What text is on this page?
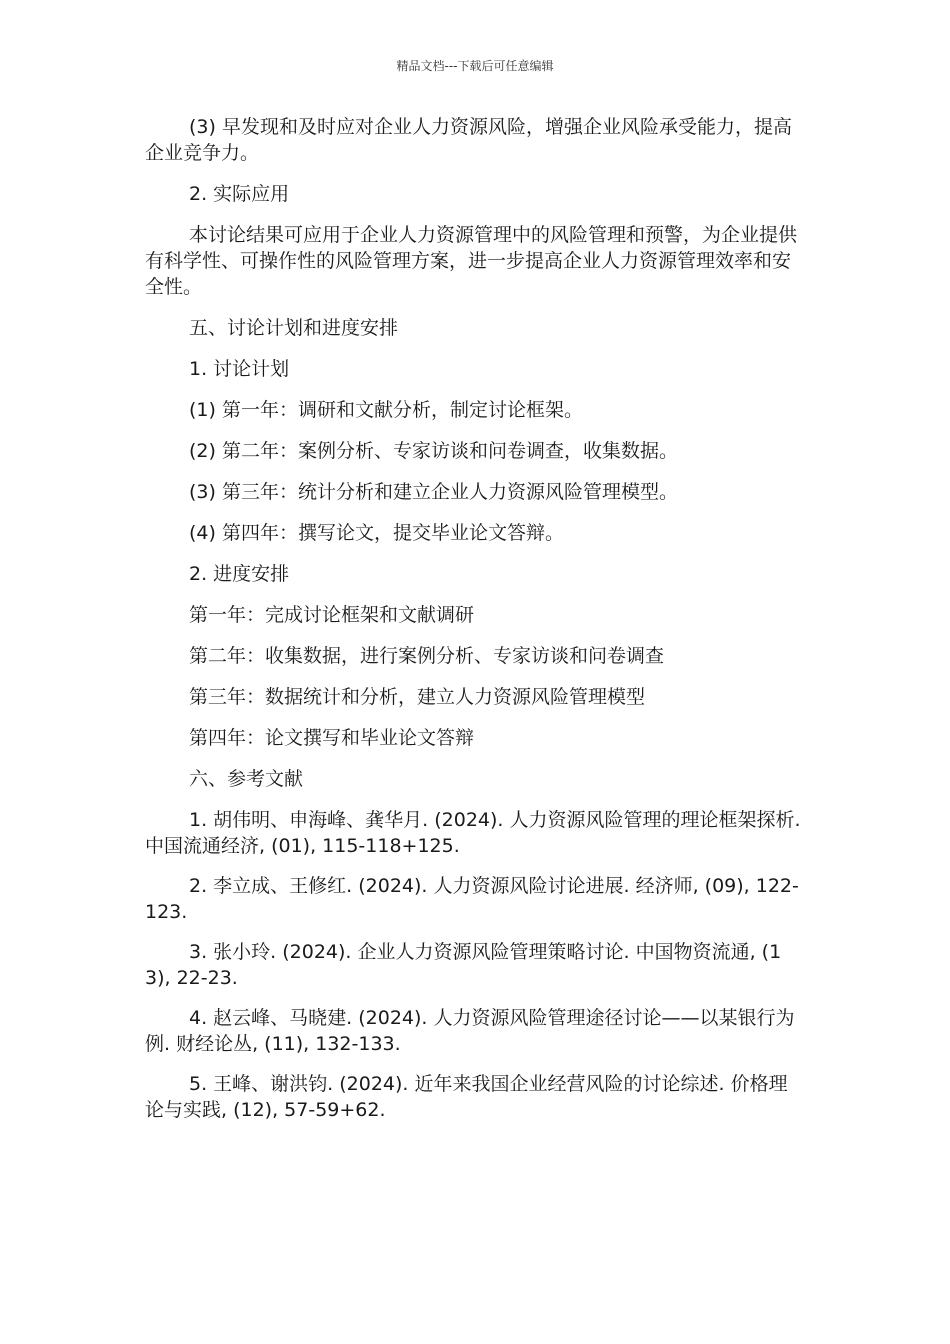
精品文档---下载后可任意编辑

(3) 早发现和及时应对企业人力资源风险，增强企业风险承受能力，提高企业竞争力。

2. 实际应用

本讨论结果可应用于企业人力资源管理中的风险管理和预警，为企业提供有科学性、可操作性的风险管理方案，进一步提高企业人力资源管理效率和安全性。

五、讨论计划和进度安排

1. 讨论计划

(1) 第一年：调研和文献分析，制定讨论框架。

(2) 第二年：案例分析、专家访谈和问卷调查，收集数据。

(3) 第三年：统计分析和建立企业人力资源风险管理模型。

(4) 第四年：撰写论文，提交毕业论文答辩。

2. 进度安排

第一年：完成讨论框架和文献调研

第二年：收集数据，进行案例分析、专家访谈和问卷调查

第三年：数据统计和分析，建立人力资源风险管理模型

第四年：论文撰写和毕业论文答辩

六、参考文献

1. 胡伟明、申海峰、龚华月. (2024). 人力资源风险管理的理论框架探析. 中国流通经济, (01), 115-118+125.

2. 李立成、王修红. (2024). 人力资源风险讨论进展. 经济师, (09), 122-123.

3. 张小玲. (2024). 企业人力资源风险管理策略讨论. 中国物资流通, (13), 22-23.

4. 赵云峰、马晓建. (2024). 人力资源风险管理途径讨论——以某银行为例. 财经论丛, (11), 132-133.

5. 王峰、谢洪钧. (2024). 近年来我国企业经营风险的讨论综述. 价格理论与实践, (12), 57-59+62.
